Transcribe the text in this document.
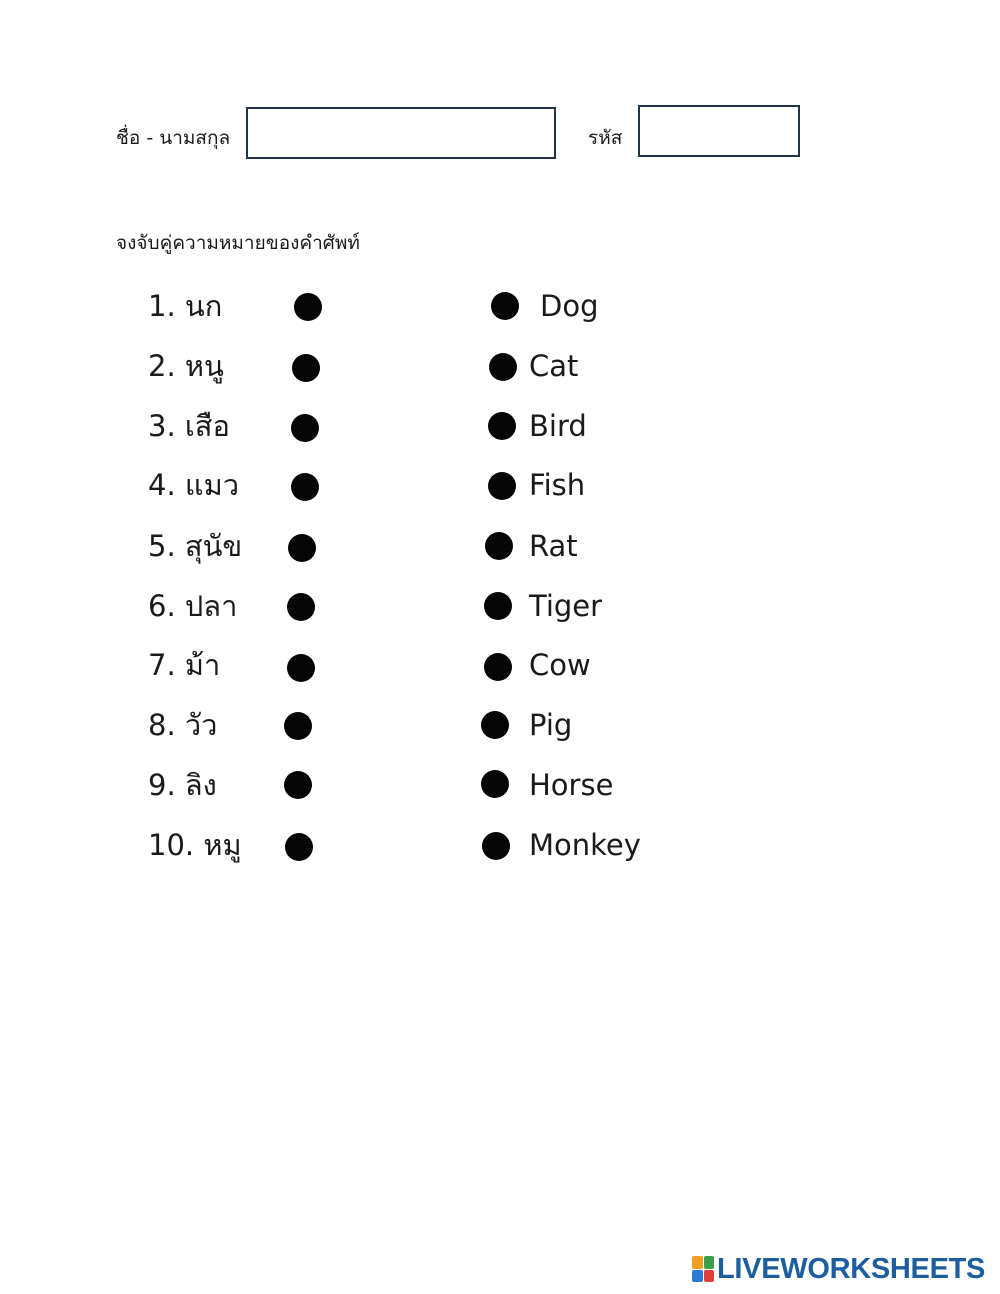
ชื่อ - นามสกุล	รหัส
จงจับคู่ความหมายของคำศัพท์
1. นก	Dog
2. หนู	Cat
3. เสือ	Bird
4. แมว	Fish
5. สุนัข	Rat
6. ปลา	Tiger
7. ม้า	Cow
8. วัว	Pig
9. ลิง	Horse
10. หมู	Monkey
LIVEWORKSHEETS
